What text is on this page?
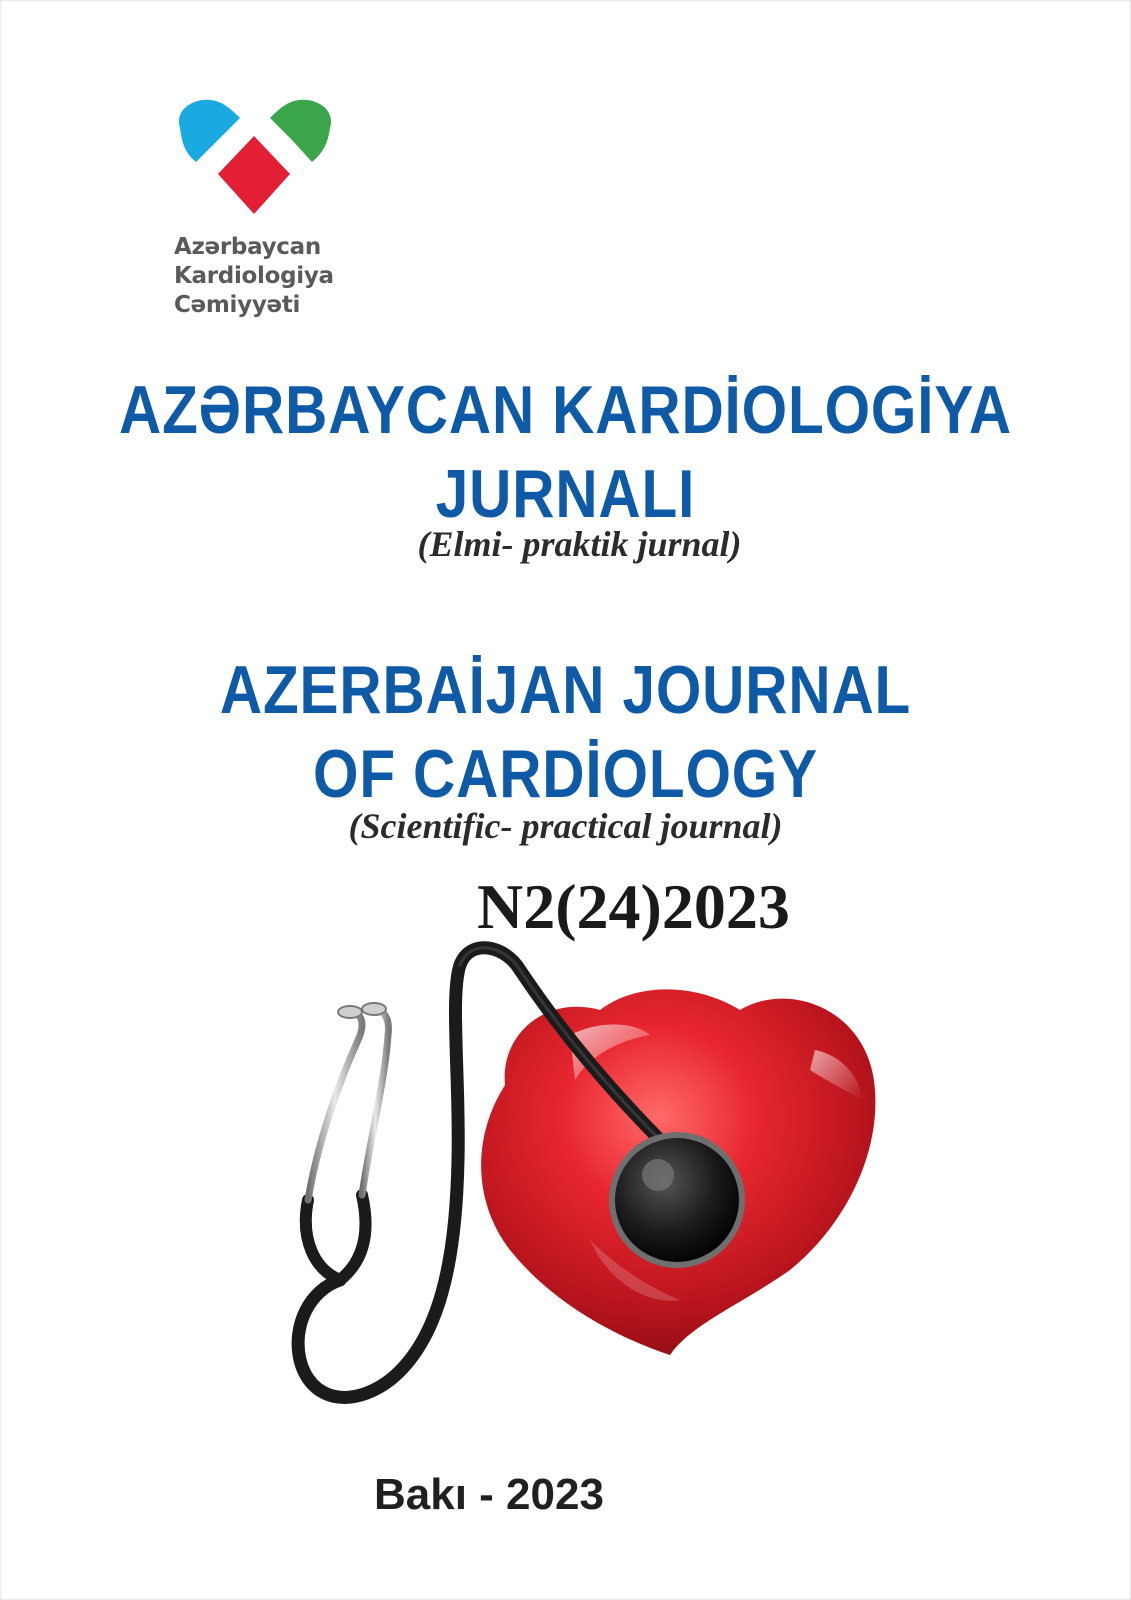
Azərbaycan
Kardiologiya
Cəmiyyəti
AZƏRBAYCAN KARDİOLOGİYA
JURNALI
(Elmi- praktik jurnal)
AZERBAİJAN JOURNAL
OF CARDİOLOGY
(Scientific- practical journal)
N2(24)2023
Bakı - 2023
